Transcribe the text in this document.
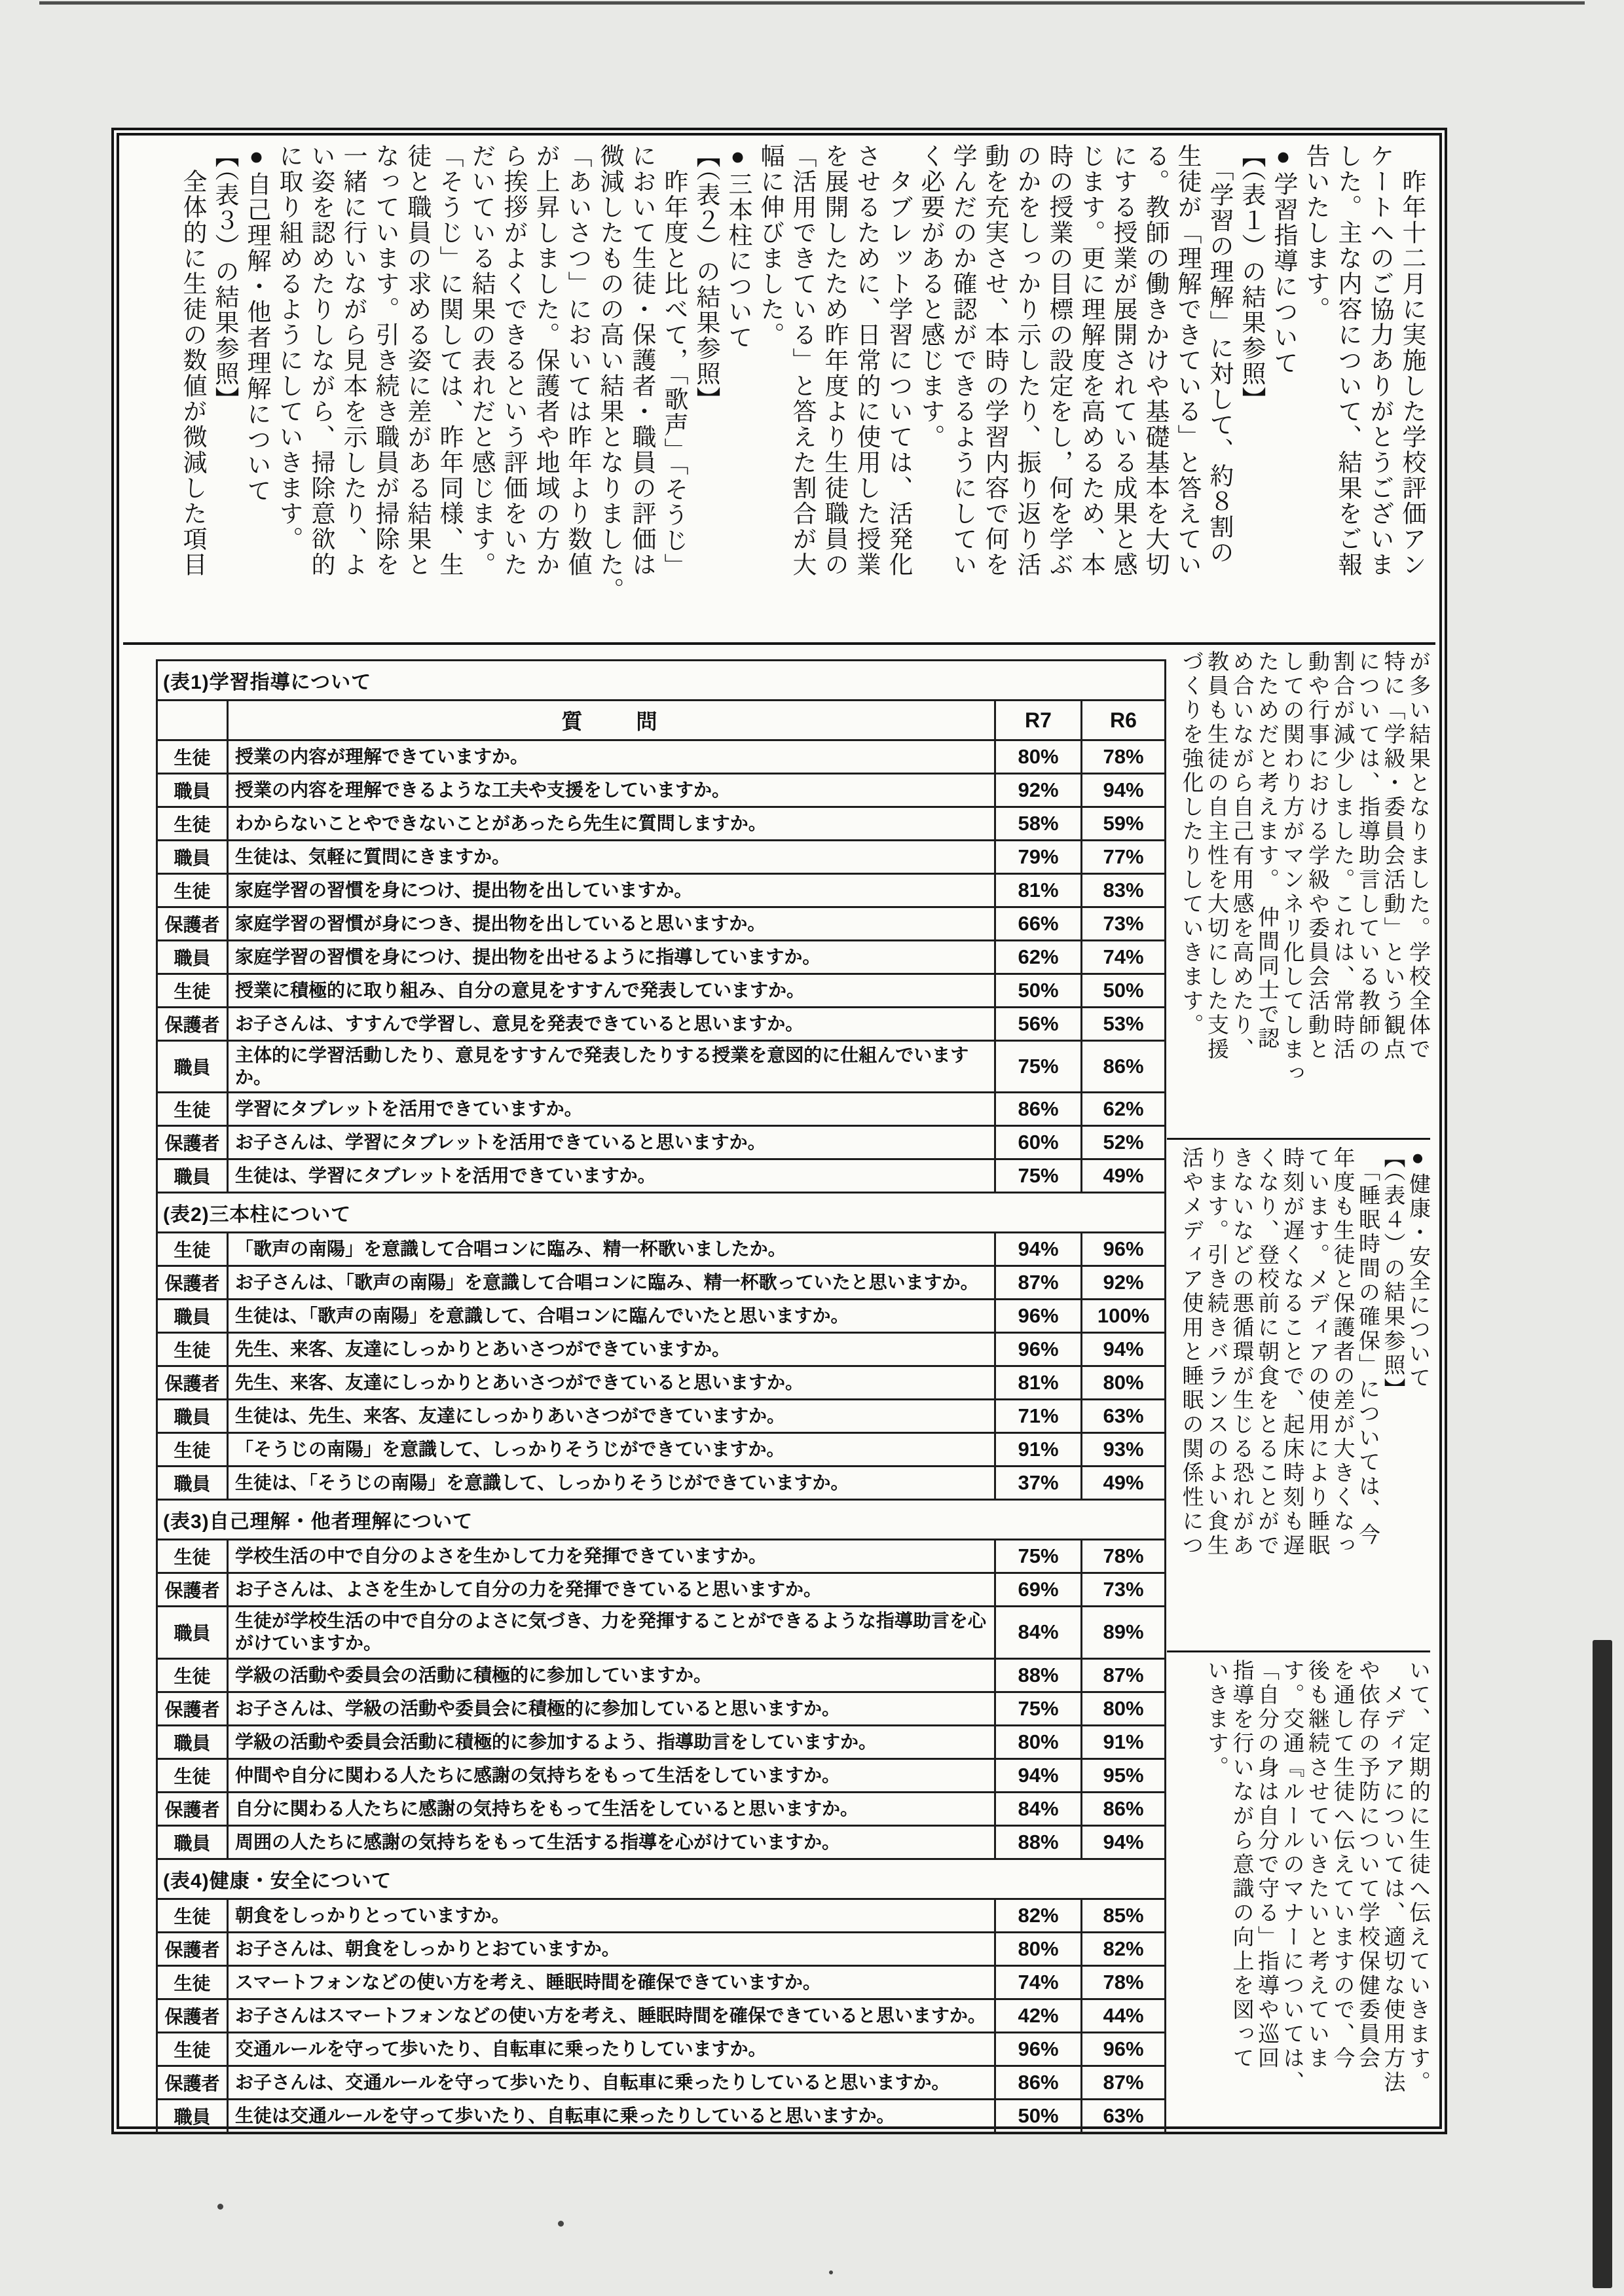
　昨年十二月に実施した学校評価アン

ケートへのご協力ありがとうございま

した。主な内容について、結果をご報

告いたします。

●学習指導について

【（表１）の結果参照】

　「学習の理解」に対して、約８割の

生徒が「理解できている」と答えてい

る。教師の働きかけや基礎基本を大切

にする授業が展開されている成果と感

じます。更に理解度を高めるため、本

時の授業の目標の設定をし，何を学ぶ

のかをしっかり示したり、振り返り活

動を充実させ、本時の学習内容で何を

学んだのか確認ができるようにしてい

く必要があると感じます。

　タブレット学習については、活発化

させるために、日常的に使用した授業

を展開したため昨年度より生徒職員の

「活用できている」と答えた割合が大

幅に伸びました。

●三本柱について

【（表２）の結果参照】

　昨年度と比べて，「歌声」「そうじ」

において生徒・保護者・職員の評価は

微減したものの高い結果となりました。

「あいさつ」においては昨年より数値

が上昇しました。保護者や地域の方か

ら挨拶がよくできるという評価をいた

だいている結果の表れだと感じます。

「そうじ」に関しては、昨年同様、生

徒と職員の求める姿に差がある結果と

なっています。引き続き職員が掃除を

一緒に行いながら見本を示したり、よ

い姿を認めたりしながら、掃除意欲的

に取り組めるようにしていきます。

●自己理解・他者理解について

【（表３）の結果参照】

　全体的に生徒の数値が微減した項目

(表1)学習指導について			
	質　　問	R7	R6
生徒	授業の内容が理解できていますか。	80%	78%
職員	授業の内容を理解できるような工夫や支援をしていますか。	92%	94%
生徒	わからないことやできないことがあったら先生に質問しますか。	58%	59%
職員	生徒は、気軽に質問にきますか。	79%	77%
生徒	家庭学習の習慣を身につけ、提出物を出していますか。	81%	83%
保護者	家庭学習の習慣が身につき、提出物を出していると思いますか。	66%	73%
職員	家庭学習の習慣を身につけ、提出物を出せるように指導していますか。	62%	74%
生徒	授業に積極的に取り組み、自分の意見をすすんで発表していますか。	50%	50%
保護者	お子さんは、すすんで学習し、意見を発表できていると思いますか。	56%	53%
職員	主体的に学習活動したり、意見をすすんで発表したりする授業を意図的に仕組んでいますか。	75%	86%
生徒	学習にタブレットを活用できていますか。	86%	62%
保護者	お子さんは、学習にタブレットを活用できていると思いますか。	60%	52%
職員	生徒は、学習にタブレットを活用できていますか。	75%	49%
(表2)三本柱について			
生徒	「歌声の南陽」を意識して合唱コンに臨み、精一杯歌いましたか。	94%	96%
保護者	お子さんは、「歌声の南陽」を意識して合唱コンに臨み、精一杯歌っていたと思いますか。	87%	92%
職員	生徒は、「歌声の南陽」を意識して、合唱コンに臨んでいたと思いますか。	96%	100%
生徒	先生、来客、友達にしっかりとあいさつができていますか。	96%	94%
保護者	先生、来客、友達にしっかりとあいさつができていると思いますか。	81%	80%
職員	生徒は、先生、来客、友達にしっかりあいさつができていますか。	71%	63%
生徒	「そうじの南陽」を意識して、しっかりそうじができていますか。	91%	93%
職員	生徒は、「そうじの南陽」を意識して、しっかりそうじができていますか。	37%	49%
(表3)自己理解・他者理解について			
生徒	学校生活の中で自分のよさを生かして力を発揮できていますか。	75%	78%
保護者	お子さんは、よさを生かして自分の力を発揮できていると思いますか。	69%	73%
職員	生徒が学校生活の中で自分のよさに気づき、力を発揮することができるような指導助言を心がけていますか。	84%	89%
生徒	学級の活動や委員会の活動に積極的に参加していますか。	88%	87%
保護者	お子さんは、学級の活動や委員会に積極的に参加していると思いますか。	75%	80%
職員	学級の活動や委員会活動に積極的に参加するよう、指導助言をしていますか。	80%	91%
生徒	仲間や自分に関わる人たちに感謝の気持ちをもって生活をしていますか。	94%	95%
保護者	自分に関わる人たちに感謝の気持ちをもって生活をしていると思いますか。	84%	86%
職員	周囲の人たちに感謝の気持ちをもって生活する指導を心がけていますか。	88%	94%
(表4)健康・安全について			
生徒	朝食をしっかりとっていますか。	82%	85%
保護者	お子さんは、朝食をしっかりとおていますか。	80%	82%
生徒	スマートフォンなどの使い方を考え、睡眠時間を確保できていますか。	74%	78%
保護者	お子さんはスマートフォンなどの使い方を考え、睡眠時間を確保できていると思いますか。	42%	44%
生徒	交通ルールを守って歩いたり、自転車に乗ったりしていますか。	96%	96%
保護者	お子さんは、交通ルールを守って歩いたり、自転車に乗ったりしていると思いますか。	86%	87%
職員	生徒は交通ルールを守って歩いたり、自転車に乗ったりしていると思いますか。	50%	63%

が多い結果となりました。学校全体で

特に「学級・委員会活動」という観点

については、指導助言している教師の

割合が減少しました。これは、常時活

動や行事における学級や委員会活動と

しての関わり方がマンネリ化してしまっ

たためだと考えます。　仲間同士で認

め合いながら自己有用感を高めたり、

教員も生徒の自主性を大切にした支援

づくりを強化したりしていきます。

●健康・安全について

【（表４）の結果参照】

　「睡眠時間の確保」については、今

年度も生徒と保護者の差が大きくなっ

ています。メディアの使用により睡眠

時刻が遅くなることで、起床時刻も遅

くなり、登校前に朝食をとることがで

きないなどの悪循環が生じる恐れがあ

ります。引き続きバランスのよい食生

活やメディア使用と睡眠の関係性につ

いて、定期的に生徒へ伝えていきます。

　メディアについては、適切な使用方法

や依存の予防について学校保健委員会

を通して生徒へ伝えていますので、今

後も継続させていきたいと考えていま

す。交通『ルールのマナーについては、

「自分の身は自分で守る」指導や巡回

指導を行いながら意識の向上を図って

いきます。
